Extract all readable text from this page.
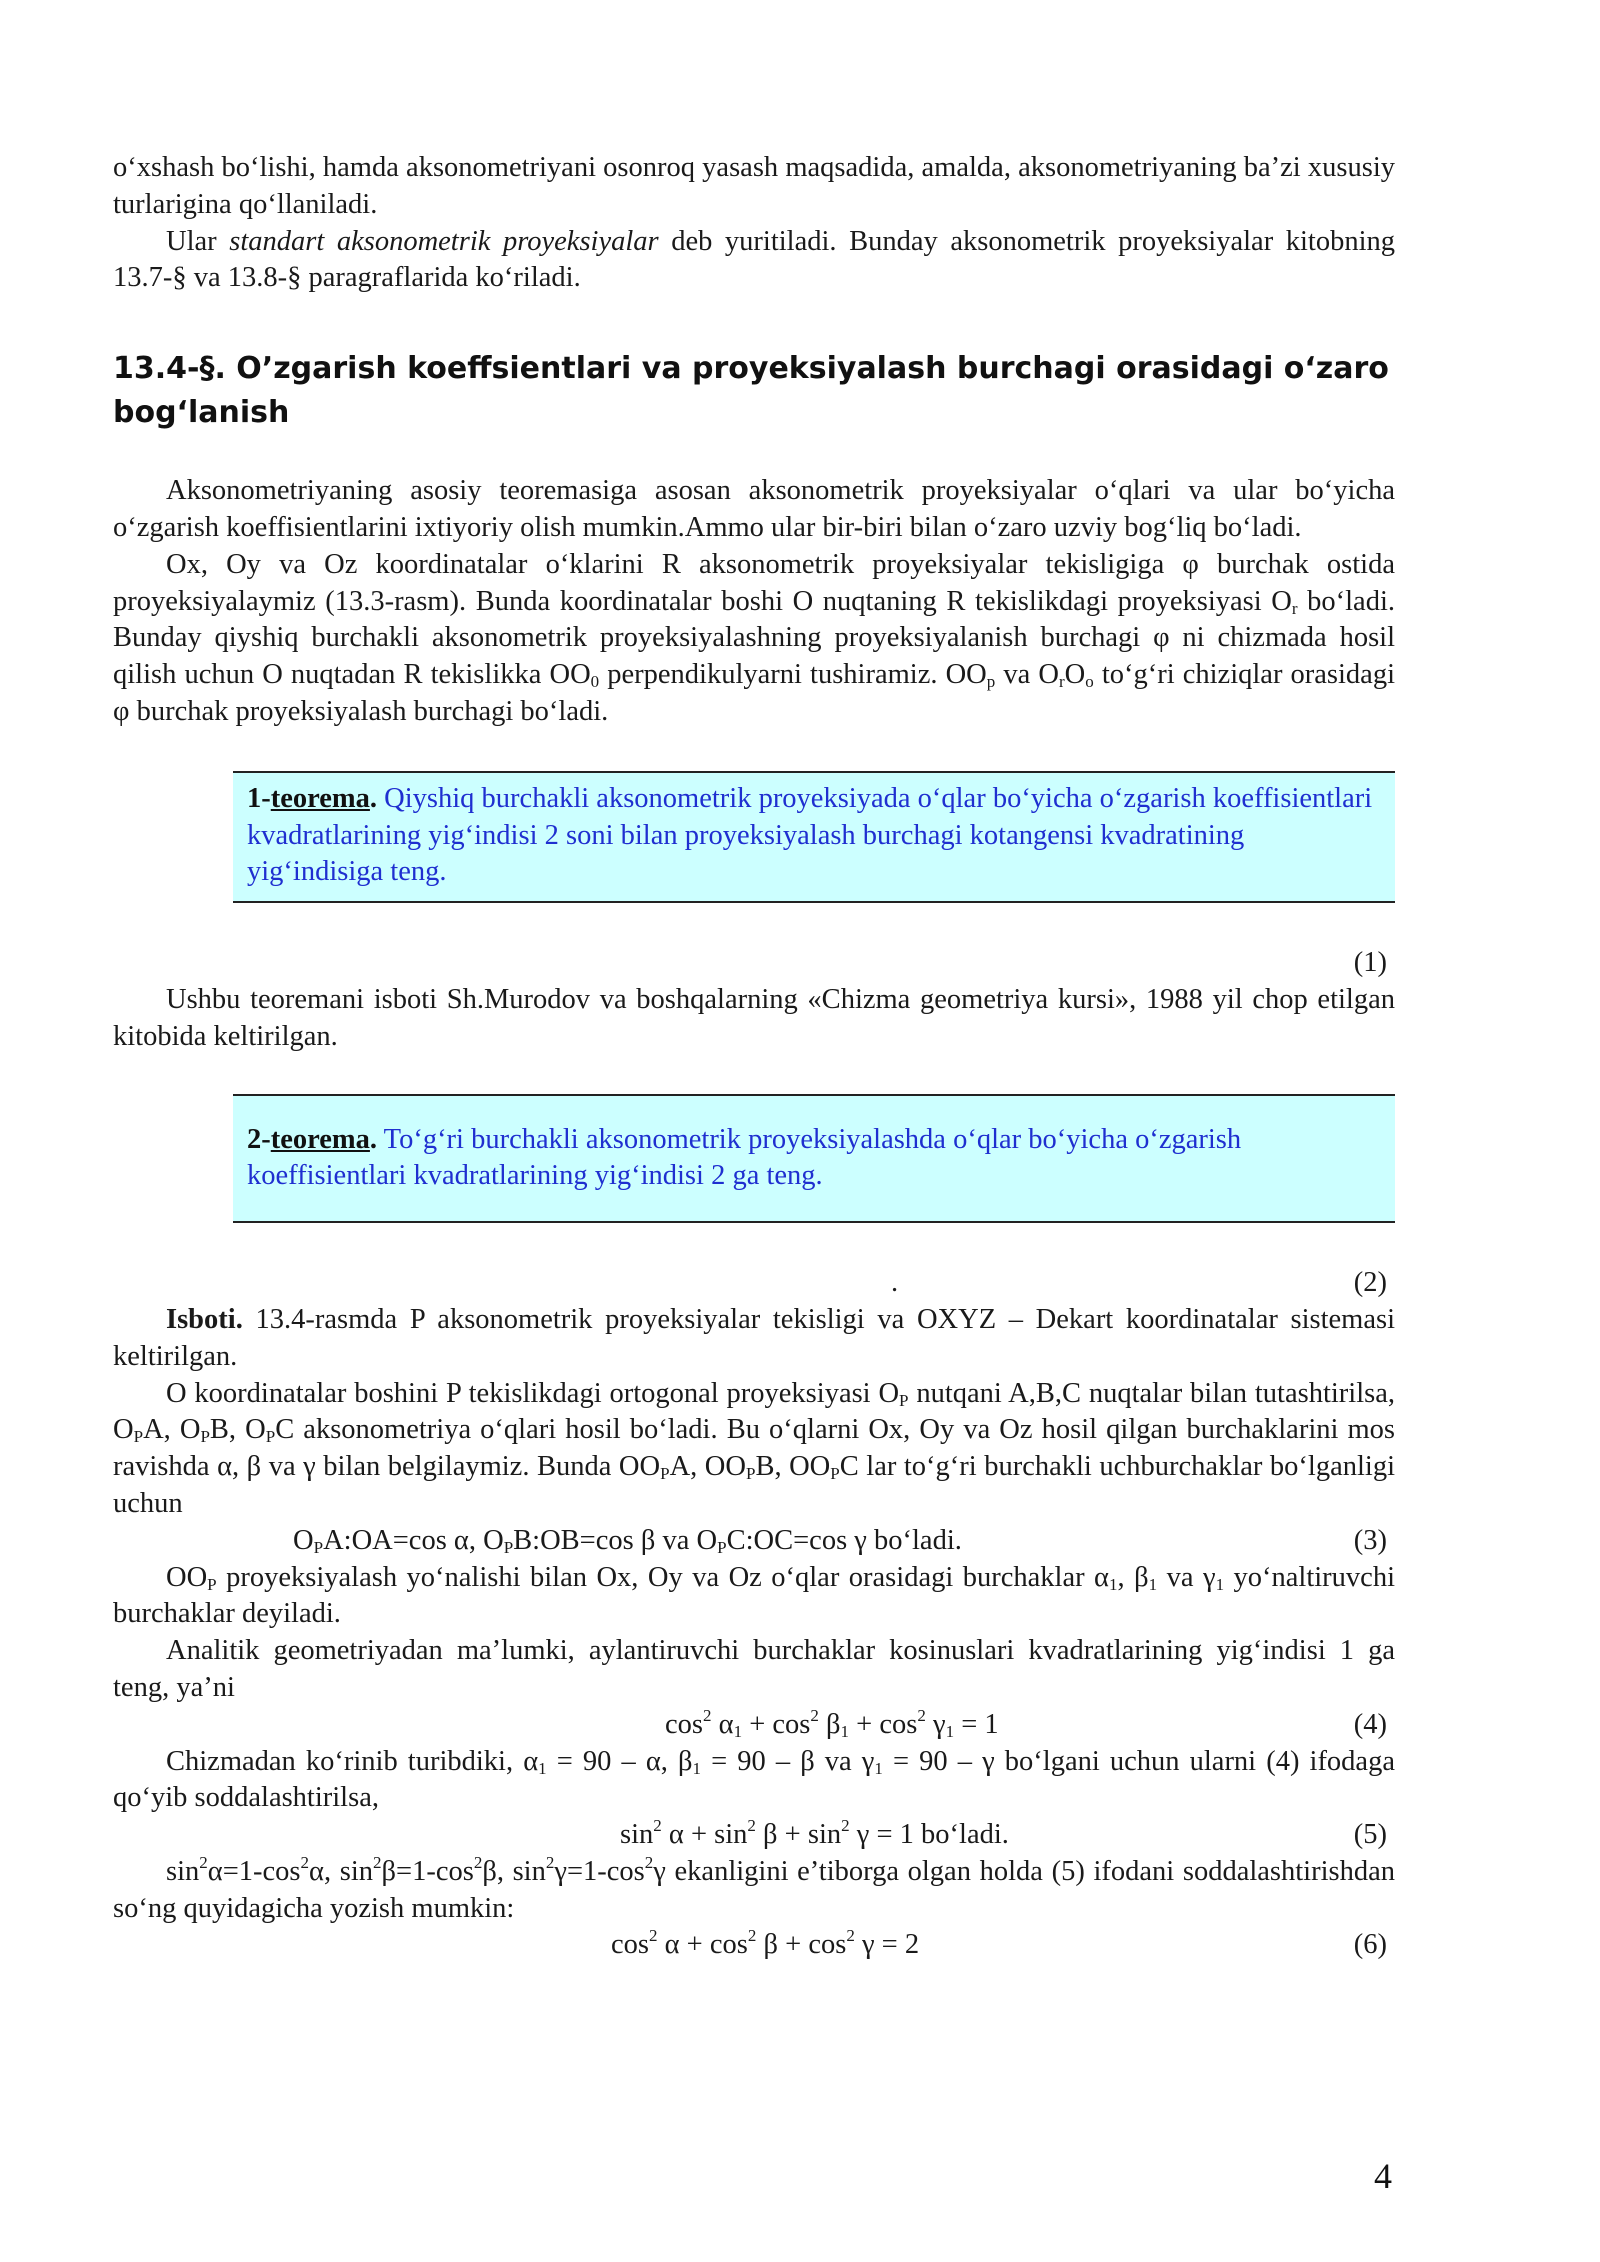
o‘xshash bo‘lishi, hamda aksonometriyani osonroq yasash maqsadida, amalda, aksonometriyaning ba’zi xususiy turlarigina qo‘llaniladi.

Ular standart aksonometrik proyeksiyalar deb yuritiladi. Bunday aksonometrik proyeksiyalar kitobning 13.7-§ va 13.8-§ paragraflarida ko‘riladi.

13.4-§. O’zgarish koeffsientlari va proyeksiyalash burchagi orasidagi o‘zaro bog‘lanish

Aksonometriyaning asosiy teoremasiga asosan aksonometrik proyeksiyalar o‘qlari va ular bo‘yicha o‘zgarish koeffisientlarini ixtiyoriy olish mumkin.Ammo ular bir-biri bilan o‘zaro uzviy bog‘liq bo‘ladi.

Ox, Oy va Oz koordinatalar o‘klarini R aksonometrik proyeksiyalar tekisligiga φ burchak ostida proyeksiyalaymiz (13.3-rasm). Bunda koordinatalar boshi O nuqtaning R tekislikdagi proyeksiyasi $O_r$ bo‘ladi. Bunday qiyshiq burchakli aksonometrik proyeksiyalashning proyeksiyalanish burchagi φ ni chizmada hosil qilish uchun O nuqtadan R tekislikka $OO_0$ perpendikulyarni tushiramiz. $OO_p$ va $O_rO_o$ to‘g‘ri chiziqlar orasidagi φ burchak proyeksiyalash burchagi bo‘ladi.

1-teorema. Qiyshiq burchakli aksonometrik proyeksiyada o‘qlar bo‘yicha o‘zgarish koeffisientlari kvadratlarining yig‘indisi 2 soni bilan proyeksiyalash burchagi kotangensi kvadratining yig‘indisiga teng.
(1)

Ushbu teoremani isboti Sh.Murodov va boshqalarning «Chizma geometriya kursi», 1988 yil chop etilgan kitobida keltirilgan.

2-teorema. To‘g‘ri burchakli aksonometrik proyeksiyalashda o‘qlar bo‘yicha o‘zgarish koeffisientlari kvadratlarining yig‘indisi 2 ga teng.
.	(2)

Isboti. 13.4-rasmda P aksonometrik proyeksiyalar tekisligi va OXYZ – Dekart koordinatalar sistemasi keltirilgan.

O koordinatalar boshini P tekislikdagi ortogonal proyeksiyasi $O_P$ nutqani A,B,C nuqtalar bilan tutashtirilsa, $O_PA$, $O_PB$, $O_PC$ aksonometriya o‘qlari hosil bo‘ladi. Bu o‘qlarni Ox, Oy va Oz hosil qilgan burchaklarini mos ravishda α, β va γ bilan belgilaymiz. Bunda $OO_PA$, $OO_PB$, $OO_PC$ lar to‘g‘ri burchakli uchburchaklar bo‘lganligi uchun

$O_PA:OA=\cos$ α, $O_PB:OB=\cos$ β va $O_PC:OC=\cos$ γ bo‘ladi.	(3)

$OO_P$ proyeksiyalash yo‘nalishi bilan Ox, Oy va Oz o‘qlar orasidagi burchaklar $\alpha_1$, $\beta_1$ va $\gamma_1$ yo‘naltiruvchi burchaklar deyiladi.

Analitik geometriyadan ma’lumki, aylantiruvchi burchaklar kosinuslari kvadratlarining yig‘indisi 1 ga teng, ya’ni

$\cos^2 \alpha_1 + \cos^2 \beta_1 + \cos^2 \gamma_1 = 1$	(4)

Chizmadan ko‘rinib turibdiki, $\alpha_1 = 90 - \alpha$, $\beta_1 = 90 - \beta$ va $\gamma_1 = 90 - \gamma$ bo‘lgani uchun ularni (4) ifodaga qo‘yib soddalashtirilsa,

$\sin^2 \alpha + \sin^2 \beta + \sin^2 \gamma = 1$ bo‘ladi.	(5)

$\sin^2\alpha=1-\cos^2\alpha$, $\sin^2\beta=1-\cos^2\beta$, $\sin^2\gamma=1-\cos^2\gamma$ ekanligini e’tiborga olgan holda (5) ifodani soddalashtirishdan so‘ng quyidagicha yozish mumkin:

$\cos^2 \alpha + \cos^2 \beta + \cos^2 \gamma = 2$	(6)
4
